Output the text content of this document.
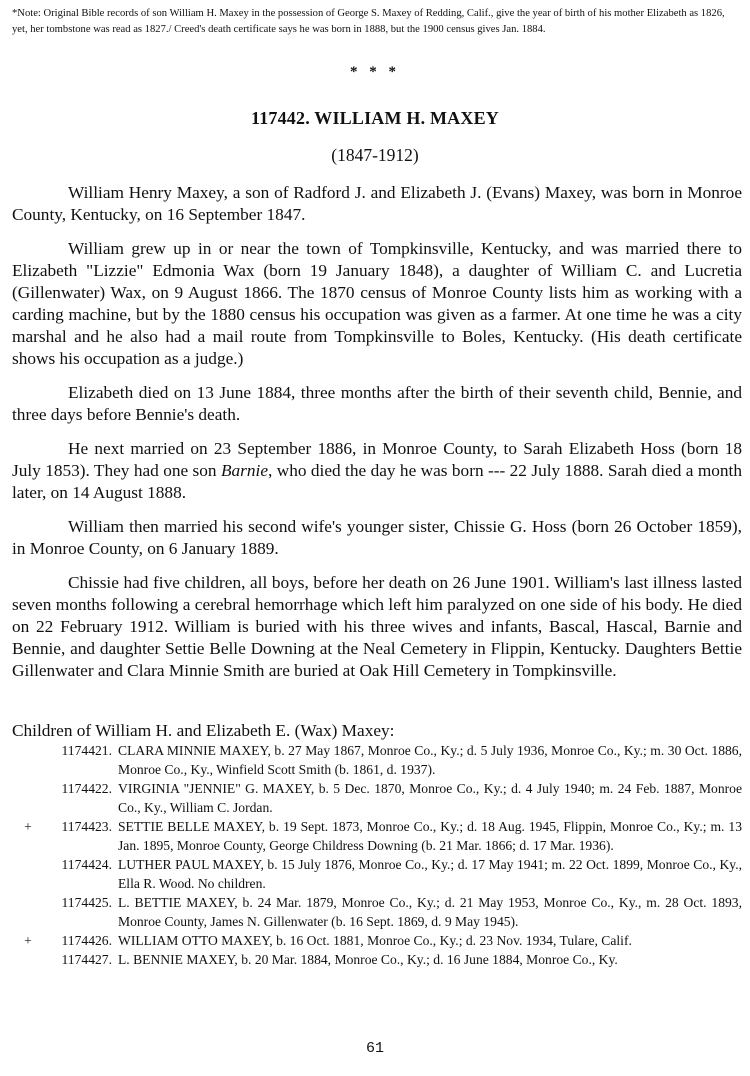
*Note: Original Bible records of son William H. Maxey in the possession of George S. Maxey of Redding, Calif., give the year of birth of his mother Elizabeth as 1826, yet, her tombstone was read as 1827./ Creed's death certificate says he was born in 1888, but the 1900 census gives Jan. 1884.
* * *
117442. WILLIAM H. MAXEY
(1847-1912)

William Henry Maxey, a son of Radford J. and Elizabeth J. (Evans) Maxey, was born in Monroe County, Kentucky, on 16 September 1847.

William grew up in or near the town of Tompkinsville, Kentucky, and was married there to Elizabeth "Lizzie" Edmonia Wax (born 19 January 1848), a daughter of William C. and Lucretia (Gillenwater) Wax, on 9 August 1866. The 1870 census of Monroe County lists him as working with a carding machine, but by the 1880 census his occupation was given as a farmer. At one time he was a city marshal and he also had a mail route from Tompkinsville to Boles, Kentucky. (His death certificate shows his occupation as a judge.)

Elizabeth died on 13 June 1884, three months after the birth of their seventh child, Bennie, and three days before Bennie's death.

He next married on 23 September 1886, in Monroe County, to Sarah Elizabeth Hoss (born 18 July 1853). They had one son Barnie, who died the day he was born --- 22 July 1888. Sarah died a month later, on 14 August 1888.

William then married his second wife's younger sister, Chissie G. Hoss (born 26 October 1859), in Monroe County, on 6 January 1889.

Chissie had five children, all boys, before her death on 26 June 1901. William's last illness lasted seven months following a cerebral hemorrhage which left him paralyzed on one side of his body. He died on 22 February 1912. William is buried with his three wives and infants, Bascal, Hascal, Barnie and Bennie, and daughter Settie Belle Downing at the Neal Cemetery in Flippin, Kentucky. Daughters Bettie Gillenwater and Clara Minnie Smith are buried at Oak Hill Cemetery in Tompkinsville.

Children of William H. and Elizabeth E. (Wax) Maxey:
1174421. CLARA MINNIE MAXEY, b. 27 May 1867, Monroe Co., Ky.; d. 5 July 1936, Monroe Co., Ky.; m. 30 Oct. 1886, Monroe Co., Ky., Winfield Scott Smith (b. 1861, d. 1937).
1174422. VIRGINIA "JENNIE" G. MAXEY, b. 5 Dec. 1870, Monroe Co., Ky.; d. 4 July 1940; m. 24 Feb. 1887, Monroe Co., Ky., William C. Jordan.
+	1174423. SETTIE BELLE MAXEY, b. 19 Sept. 1873, Monroe Co., Ky.; d. 18 Aug. 1945, Flippin, Monroe Co., Ky.; m. 13 Jan. 1895, Monroe County, George Childress Downing (b. 21 Mar. 1866; d. 17 Mar. 1936).
1174424. LUTHER PAUL MAXEY, b. 15 July 1876, Monroe Co., Ky.; d. 17 May 1941; m. 22 Oct. 1899, Monroe Co., Ky., Ella R. Wood. No children.
1174425. L. BETTIE MAXEY, b. 24 Mar. 1879, Monroe Co., Ky.; d. 21 May 1953, Monroe Co., Ky., m. 28 Oct. 1893, Monroe County, James N. Gillenwater (b. 16 Sept. 1869, d. 9 May 1945).
+	1174426. WILLIAM OTTO MAXEY, b. 16 Oct. 1881, Monroe Co., Ky.; d. 23 Nov. 1934, Tulare, Calif.
1174427. L. BENNIE MAXEY, b. 20 Mar. 1884, Monroe Co., Ky.; d. 16 June 1884, Monroe Co., Ky.
61
